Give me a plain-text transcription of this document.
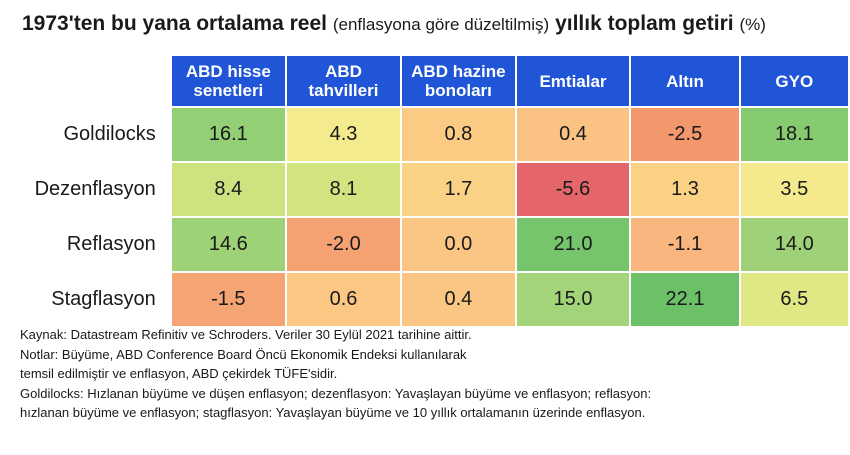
1973'ten bu yana ortalama reel (enflasyona göre düzeltilmiş) yıllık toplam getiri (%)
	ABD hisse senetleri	ABD tahvilleri	ABD hazine bonoları	Emtialar	Altın	GYO
Goldilocks	16.1	4.3	0.8	0.4	-2.5	18.1
Dezenflasyon	8.4	8.1	1.7	-5.6	1.3	3.5
Reflasyon	14.6	-2.0	0.0	21.0	-1.1	14.0
Stagflasyon	-1.5	0.6	0.4	15.0	22.1	6.5
Kaynak: Datastream Refinitiv ve Schroders. Veriler 30 Eylül 2021 tarihine aittir.
Notlar: Büyüme, ABD Conference Board Öncü Ekonomik Endeksi kullanılarak
temsil edilmiştir ve enflasyon, ABD çekirdek TÜFE'sidir.
Goldilocks: Hızlanan büyüme ve düşen enflasyon; dezenflasyon: Yavaşlayan büyüme ve enflasyon; reflasyon:
hızlanan büyüme ve enflasyon; stagflasyon: Yavaşlayan büyüme ve 10 yıllık ortalamanın üzerinde enflasyon.
